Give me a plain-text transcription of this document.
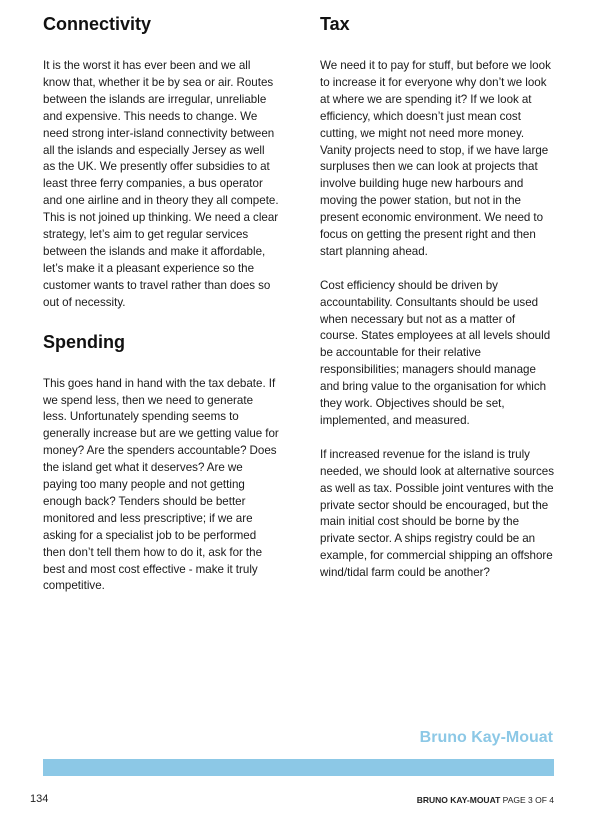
Connectivity

It is the worst it has ever been and we all know that, whether it be by sea or air. Routes between the islands are irregular, unreliable and expensive. This needs to change. We need strong inter-island connectivity between all the islands and especially Jersey as well as the UK. We presently offer subsidies to at least three ferry companies, a bus operator and one airline and in theory they all compete. This is not joined up thinking. We need a clear strategy, let’s aim to get regular services between the islands and make it affordable, let’s make it a pleasant experience so the customer wants to travel rather than does so out of necessity.

Spending

This goes hand in hand with the tax debate. If we spend less, then we need to generate less. Unfortunately spending seems to generally increase but are we getting value for money? Are the spenders accountable? Does the island get what it deserves? Are we paying too many people and not getting enough back? Tenders should be better monitored and less prescriptive; if we are asking for a specialist job to be performed then don’t tell them how to do it, ask for the best and most cost effective - make it truly competitive.

Tax

We need it to pay for stuff, but before we look to increase it for everyone why don’t we look at where we are spending it? If we look at efficiency, which doesn’t just mean cost cutting, we might not need more money. Vanity projects need to stop, if we have large surpluses then we can look at projects that involve building huge new harbours and moving the power station, but not in the present economic environment. We need to focus on getting the present right and then start planning ahead.

Cost efficiency should be driven by accountability. Consultants should be used when necessary but not as a matter of course. States employees at all levels should be accountable for their relative responsibilities; managers should manage and bring value to the organisation for which they work. Objectives should be set, implemented, and measured.

If increased revenue for the island is truly needed, we should look at alternative sources as well as tax. Possible joint ventures with the private sector should be encouraged, but the main initial cost should be borne by the private sector. A ships registry could be an example, for commercial shipping an offshore wind/tidal farm could be another?

Bruno Kay-Mouat
134	BRUNO KAY-MOUAT PAGE 3 OF 4
